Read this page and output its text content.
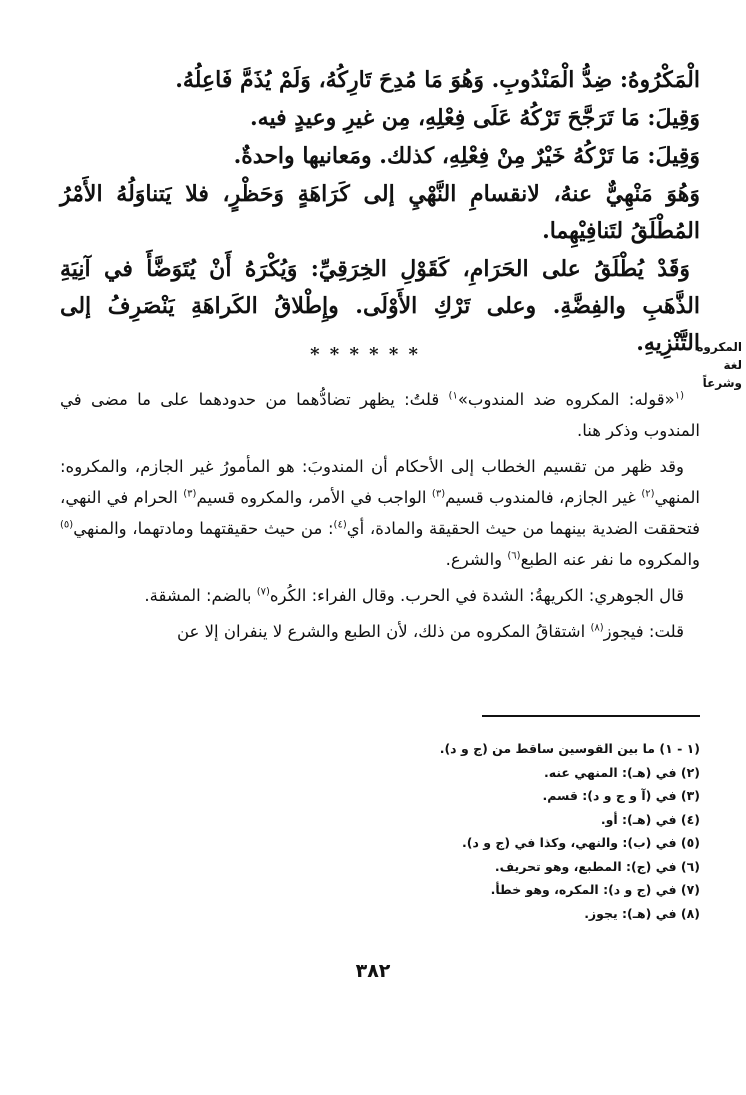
الْمَكْرُوهُ: ضِدُّ الْمَنْدُوبِ. وَهُوَ مَا مُدِحَ تَارِكُهُ، وَلَمْ يُذَمَّ فَاعِلُهُ.

وَقِيلَ: مَا تَرَجَّحَ تَرْكُهُ عَلَى فِعْلِهِ، مِن غيرِ وعيدٍ فيه.

وَقِيلَ: مَا تَرْكُهُ خَيْرٌ مِنْ فِعْلِهِ، كذلك. ومَعانيها واحدةٌ.

وَهُوَ مَنْهِيٌّ عنهُ، لانقسامِ النَّهْيِ إلى كَرَاهَةٍ وَحَظْرٍ، فلا يَتناوَلُهُ الأَمْرُ المُطْلَقُ لتَنافِيْهِما.

وَقَدْ يُطْلَقُ على الحَرَامِ، كَقَوْلِ الخِرَقِيِّ: وَيُكْرَهُ أَنْ يُتَوَضَّأَ في آنِيَةِ الذَّهَبِ والفِضَّةِ. وعلى تَرْكِ الأَوْلَى. وإِطْلاقُ الكَراهَةِ يَنْصَرِفُ إلى التَّنْزِيهِ.

* * * * * *	المكروه لغة
وشرعاً

$^{(١}$«قوله: المكروه ضد المندوب»$^{١)}$ قلتُ: يظهر تضادُّهما من حدودهما على ما مضى في المندوب وذكر هنا.

وقد ظهر من تقسيم الخطاب إلى الأحكام أن المندوبَ: هو المأمورُ غير الجازم، والمكروه: المنهي$^{(٢)}$ غير الجازم، فالمندوب قسيم$^{(٣)}$ الواجب في الأمر، والمكروه قسيم$^{(٣)}$ الحرام في النهي، فتحققت الضدية بينهما من حيث الحقيقة والمادة، أي$^{(٤)}$: من حيث حقيقتهما ومادتهما، والمنهي$^{(٥)}$ والمكروه ما نفر عنه الطبع$^{(٦)}$ والشرع.

قال الجوهري: الكريهةُ: الشدة في الحرب. وقال الفراء: الكُره$^{(٧)}$ بالضم: المشقة.

قلت: فيجوز$^{(٨)}$ اشتقاقُ المكروه من ذلك، لأن الطبع والشرع لا ينفران إلا عن

(١ - ١) ما بين القوسين ساقط من (ج و د).
(٢) في (هـ): المنهي عنه.
(٣) في (آ و ج و د): قسم.
(٤) في (هـ): أو.
(٥) في (ب): والنهي، وكذا في (ج و د).
(٦) في (ج): المطبع، وهو تحريف.
(٧) في (ج و د): المكره، وهو خطأ.
(٨) في (هـ): يجوز.
٣٨٢
